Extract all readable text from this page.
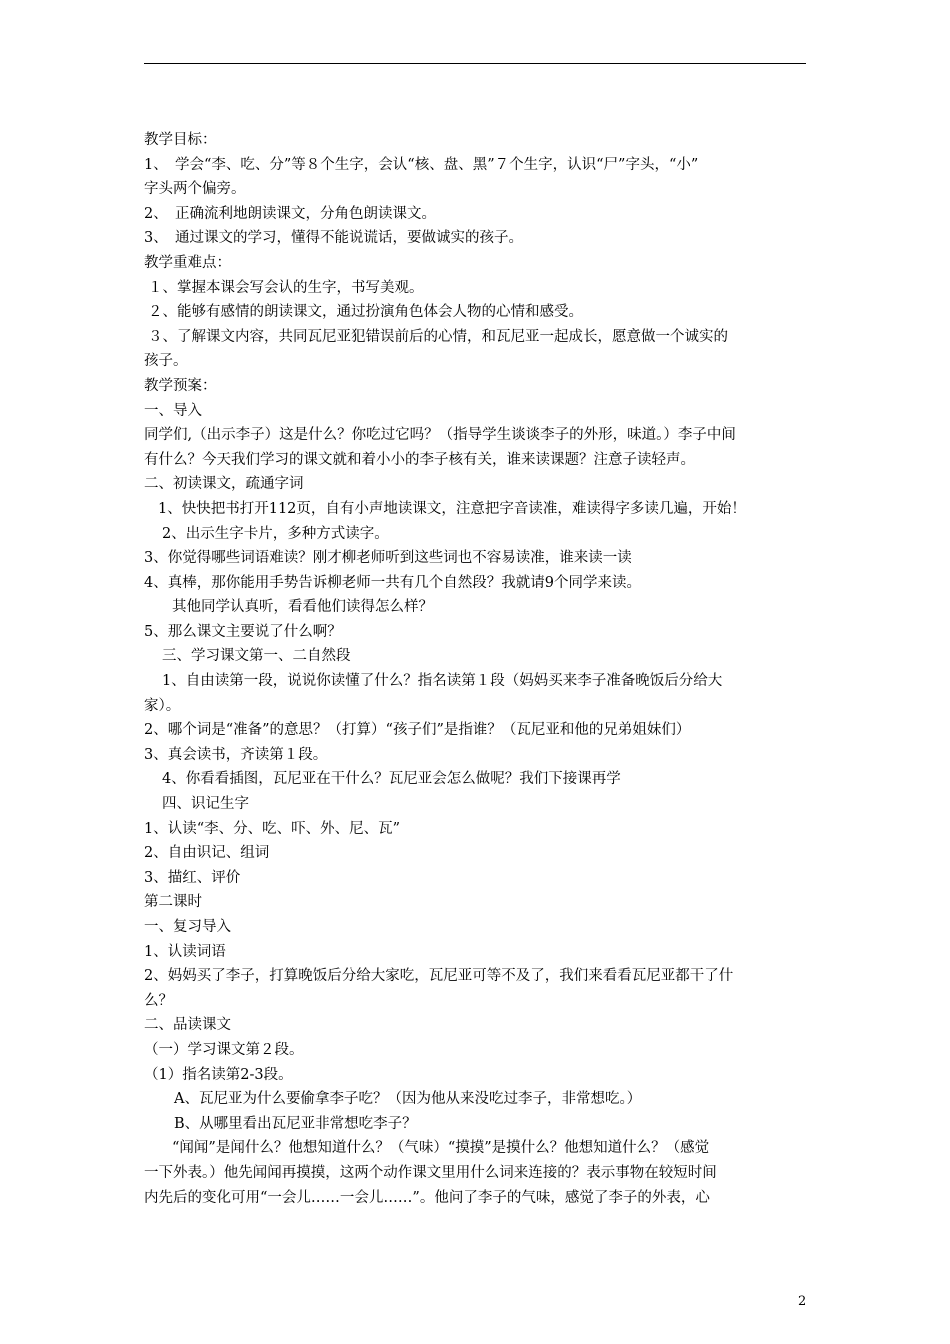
教学目标：
1、　学会“李、吃、分”等８个生字，会认“核、盘、黑”７个生字，认识“尸”字头，“小”
字头两个偏旁。
2、　正确流利地朗读课文，分角色朗读课文。
3、　通过课文的学习，懂得不能说谎话，要做诚实的孩子。
教学重难点：
１、掌握本课会写会认的生字，书写美观。
２、能够有感情的朗读课文，通过扮演角色体会人物的心情和感受。
３、了解课文内容，共同瓦尼亚犯错误前后的心情，和瓦尼亚一起成长，愿意做一个诚实的
孩子。
教学预案：
一、导入
同学们,（出示李子）这是什么？你吃过它吗？（指导学生谈谈李子的外形，味道。）李子中间
有什么？今天我们学习的课文就和着小小的李子核有关，谁来读课题？注意子读轻声。
二、初读课文，疏通字词
1、快快把书打开112页，自有小声地读课文，注意把字音读准，难读得字多读几遍，开始！
2、出示生字卡片，多种方式读字。
3、你觉得哪些词语难读？刚才柳老师听到这些词也不容易读准，谁来读一读
4、真棒，那你能用手势告诉柳老师一共有几个自然段？我就请9个同学来读。
其他同学认真听，看看他们读得怎么样？
5、那么课文主要说了什么啊？
三、学习课文第一、二自然段
1、自由读第一段，说说你读懂了什么？指名读第１段（妈妈买来李子准备晚饭后分给大
家）。
2、哪个词是“准备”的意思？（打算）“孩子们”是指谁？（瓦尼亚和他的兄弟姐妹们）
3、真会读书，齐读第１段。
4、你看看插图，瓦尼亚在干什么？瓦尼亚会怎么做呢？我们下接课再学
四、识记生字
1、认读“李、分、吃、吓、外、尼、瓦”
2、自由识记、组词
3、描红、评价
第二课时
一、复习导入
1、认读词语
2、妈妈买了李子，打算晚饭后分给大家吃，瓦尼亚可等不及了，我们来看看瓦尼亚都干了什
么？
二、品读课文
（一）学习课文第２段。
（1）指名读第2-3段。
A、瓦尼亚为什么要偷拿李子吃？（因为他从来没吃过李子，非常想吃。）
B、从哪里看出瓦尼亚非常想吃李子？
“闻闻”是闻什么？他想知道什么？（气味）“摸摸”是摸什么？他想知道什么？（感觉
一下外表。）他先闻闻再摸摸，这两个动作课文里用什么词来连接的？表示事物在较短时间
内先后的变化可用“一会儿……一会儿……”。他问了李子的气味，感觉了李子的外表，心
2
